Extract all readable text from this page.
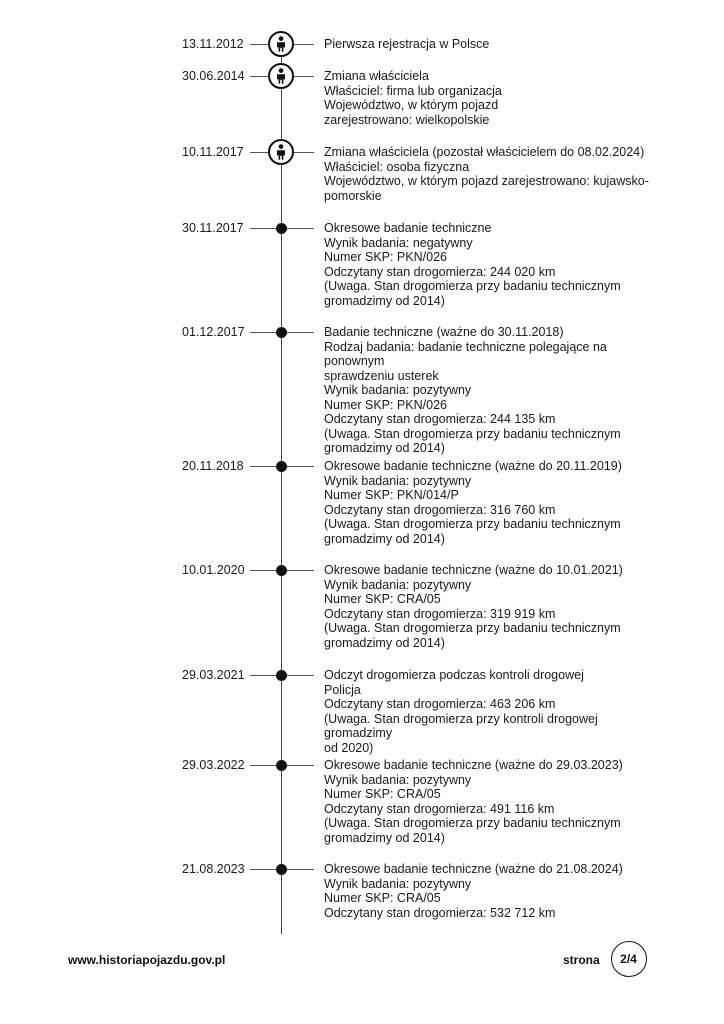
13.11.2012	Pierwsza rejestracja w Polsce
30.06.2014	Zmiana właściciela
Właściciel: firma lub organizacja
Województwo, w którym pojazd
zarejestrowano: wielkopolskie
10.11.2017	Zmiana właściciela (pozostał właścicielem do 08.02.2024)
Właściciel: osoba fizyczna
Województwo, w którym pojazd zarejestrowano: kujawsko-
pomorskie
30.11.2017	Okresowe badanie techniczne
Wynik badania: negatywny
Numer SKP: PKN/026
Odczytany stan drogomierza: 244 020 km
(Uwaga. Stan drogomierza przy badaniu technicznym
gromadzimy od 2014)
01.12.2017	Badanie techniczne (ważne do 30.11.2018)
Rodzaj badania: badanie techniczne polegające na ponownym
sprawdzeniu usterek
Wynik badania: pozytywny
Numer SKP: PKN/026
Odczytany stan drogomierza: 244 135 km
(Uwaga. Stan drogomierza przy badaniu technicznym
gromadzimy od 2014)
20.11.2018	Okresowe badanie techniczne (ważne do 20.11.2019)
Wynik badania: pozytywny
Numer SKP: PKN/014/P
Odczytany stan drogomierza: 316 760 km
(Uwaga. Stan drogomierza przy badaniu technicznym
gromadzimy od 2014)
10.01.2020	Okresowe badanie techniczne (ważne do 10.01.2021)
Wynik badania: pozytywny
Numer SKP: CRA/05
Odczytany stan drogomierza: 319 919 km
(Uwaga. Stan drogomierza przy badaniu technicznym
gromadzimy od 2014)
29.03.2021	Odczyt drogomierza podczas kontroli drogowej
Policja
Odczytany stan drogomierza: 463 206 km
(Uwaga. Stan drogomierza przy kontroli drogowej gromadzimy
od 2020)
29.03.2022	Okresowe badanie techniczne (ważne do 29.03.2023)
Wynik badania: pozytywny
Numer SKP: CRA/05
Odczytany stan drogomierza: 491 116 km
(Uwaga. Stan drogomierza przy badaniu technicznym
gromadzimy od 2014)
21.08.2023	Okresowe badanie techniczne (ważne do 21.08.2024)
Wynik badania: pozytywny
Numer SKP: CRA/05
Odczytany stan drogomierza: 532 712 km
www.historiapojazdu.gov.pl	strona	2/4
